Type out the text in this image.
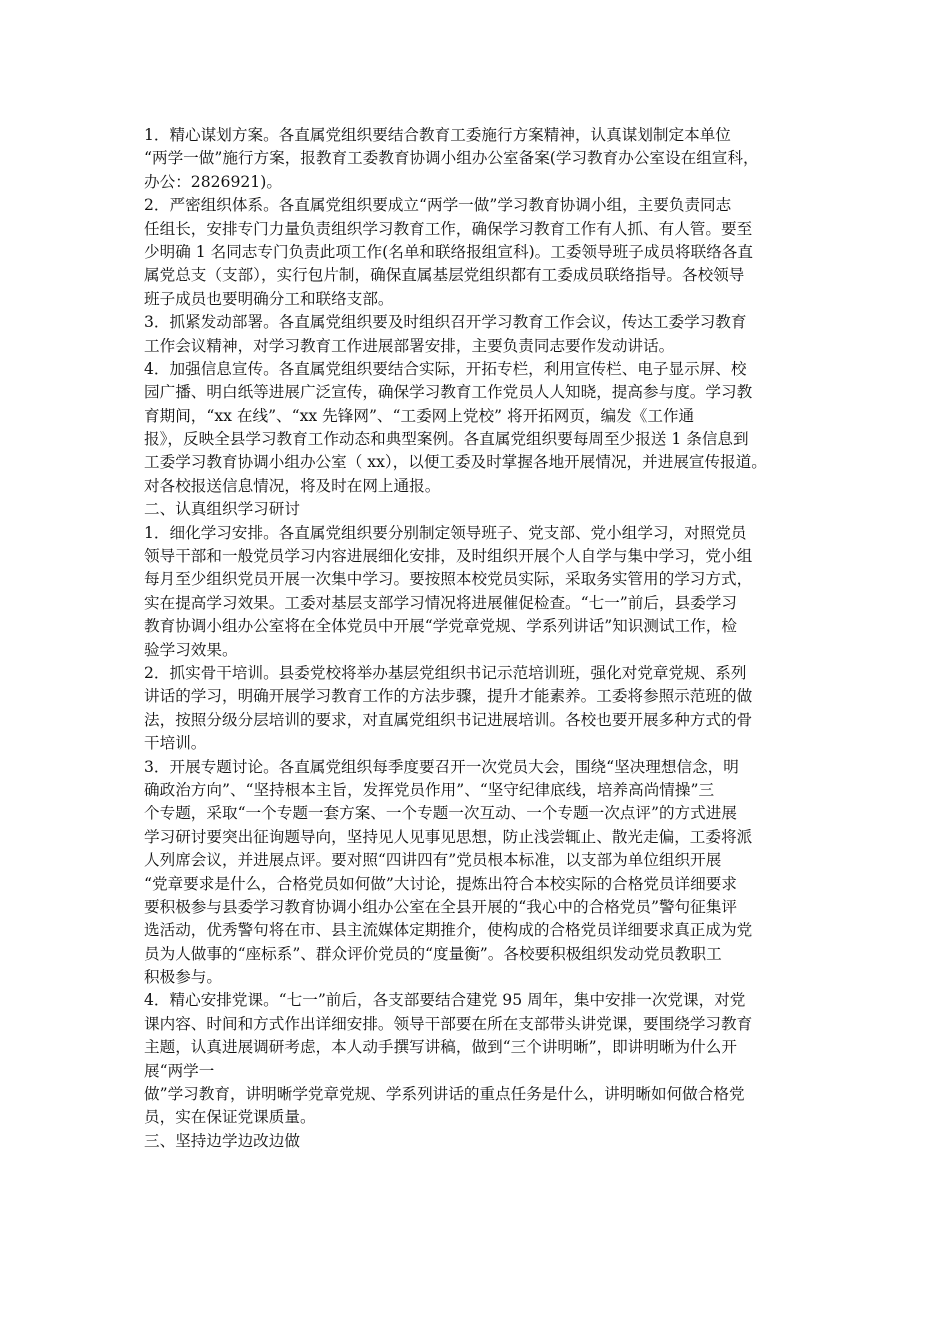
1．精心谋划方案。各直属党组织要结合教育工委施行方案精神，认真谋划制定本单位
“两学一做”施行方案，报教育工委教育协调小组办公室备案(学习教育办公室设在组宣科，
办公：2826921)。
2．严密组织体系。各直属党组织要成立“两学一做”学习教育协调小组，主要负责同志
任组长，安排专门力量负责组织学习教育工作，确保学习教育工作有人抓、有人管。要至
少明确 1 名同志专门负责此项工作(名单和联络报组宣科)。工委领导班子成员将联络各直
属党总支（支部），实行包片制，确保直属基层党组织都有工委成员联络指导。各校领导
班子成员也要明确分工和联络支部。
3．抓紧发动部署。各直属党组织要及时组织召开学习教育工作会议，传达工委学习教育
工作会议精神，对学习教育工作进展部署安排，主要负责同志要作发动讲话。
4．加强信息宣传。各直属党组织要结合实际，开拓专栏，利用宣传栏、电子显示屏、校
园广播、明白纸等进展广泛宣传，确保学习教育工作党员人人知晓，提高参与度。学习教
育期间，“xx 在线”、“xx 先锋网”、“工委网上党校” 将开拓网页，编发《工作通
报》，反映全县学习教育工作动态和典型案例。各直属党组织要每周至少报送 1 条信息到
工委学习教育协调小组办公室（ xx），以便工委及时掌握各地开展情况，并进展宣传报道。
对各校报送信息情况，将及时在网上通报。
二、认真组织学习研讨
1．细化学习安排。各直属党组织要分别制定领导班子、党支部、党小组学习，对照党员
领导干部和一般党员学习内容进展细化安排，及时组织开展个人自学与集中学习，党小组
每月至少组织党员开展一次集中学习。要按照本校党员实际，采取务实管用的学习方式，
实在提高学习效果。工委对基层支部学习情况将进展催促检查。“七一”前后，县委学习
教育协调小组办公室将在全体党员中开展“学党章党规、学系列讲话”知识测试工作，检
验学习效果。
2．抓实骨干培训。县委党校将举办基层党组织书记示范培训班，强化对党章党规、系列
讲话的学习，明确开展学习教育工作的方法步骤，提升才能素养。工委将参照示范班的做
法，按照分级分层培训的要求，对直属党组织书记进展培训。各校也要开展多种方式的骨
干培训。
3．开展专题讨论。各直属党组织每季度要召开一次党员大会，围绕“坚决理想信念，明
确政治方向”、“坚持根本主旨，发挥党员作用”、“坚守纪律底线，培养高尚情操”三
个专题，采取“一个专题一套方案、一个专题一次互动、一个专题一次点评”的方式进展
学习研讨要突出征询题导向，坚持见人见事见思想，防止浅尝辄止、散光走偏，工委将派
人列席会议，并进展点评。要对照“四讲四有”党员根本标准，以支部为单位组织开展
“党章要求是什么，合格党员如何做”大讨论，提炼出符合本校实际的合格党员详细要求
要积极参与县委学习教育协调小组办公室在全县开展的“我心中的合格党员”警句征集评
选活动，优秀警句将在市、县主流媒体定期推介，使构成的合格党员详细要求真正成为党
员为人做事的“座标系”、群众评价党员的“度量衡”。各校要积极组织发动党员教职工
积极参与。
4．精心安排党课。“七一”前后，各支部要结合建党 95 周年，集中安排一次党课，对党
课内容、时间和方式作出详细安排。领导干部要在所在支部带头讲党课，要围绕学习教育
主题，认真进展调研考虑，本人动手撰写讲稿，做到“三个讲明晰”，即讲明晰为什么开
展“两学一
做”学习教育，讲明晰学党章党规、学系列讲话的重点任务是什么，讲明晰如何做合格党
员，实在保证党课质量。
三、坚持边学边改边做
